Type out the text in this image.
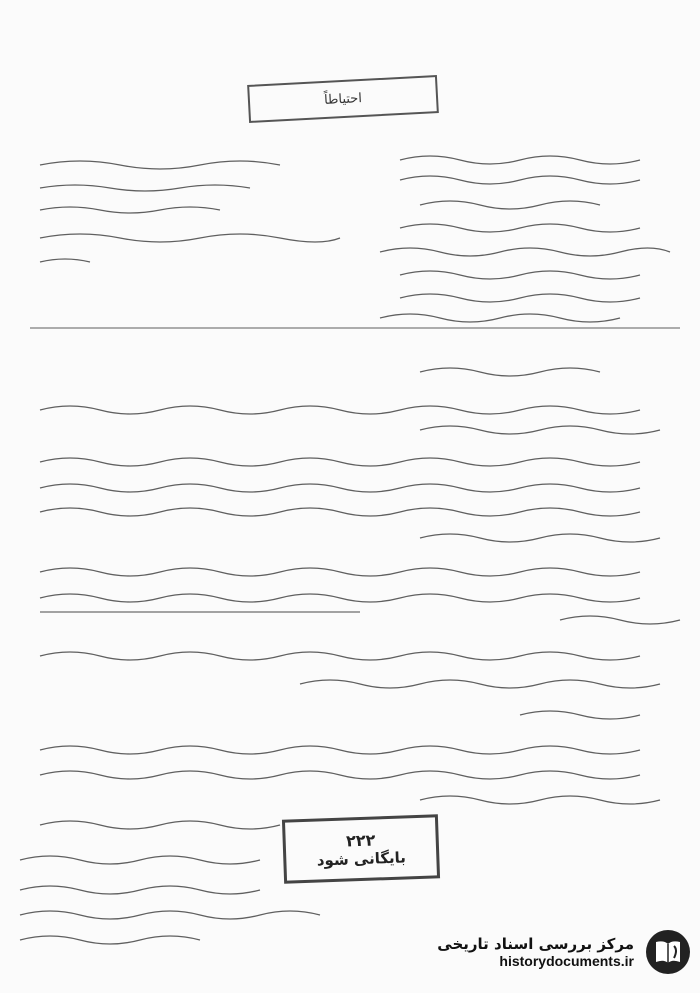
احتیاطاً
۲۲۲
بایگانی شود
مرکز بررسی اسناد تاریخی
historydocuments.ir
